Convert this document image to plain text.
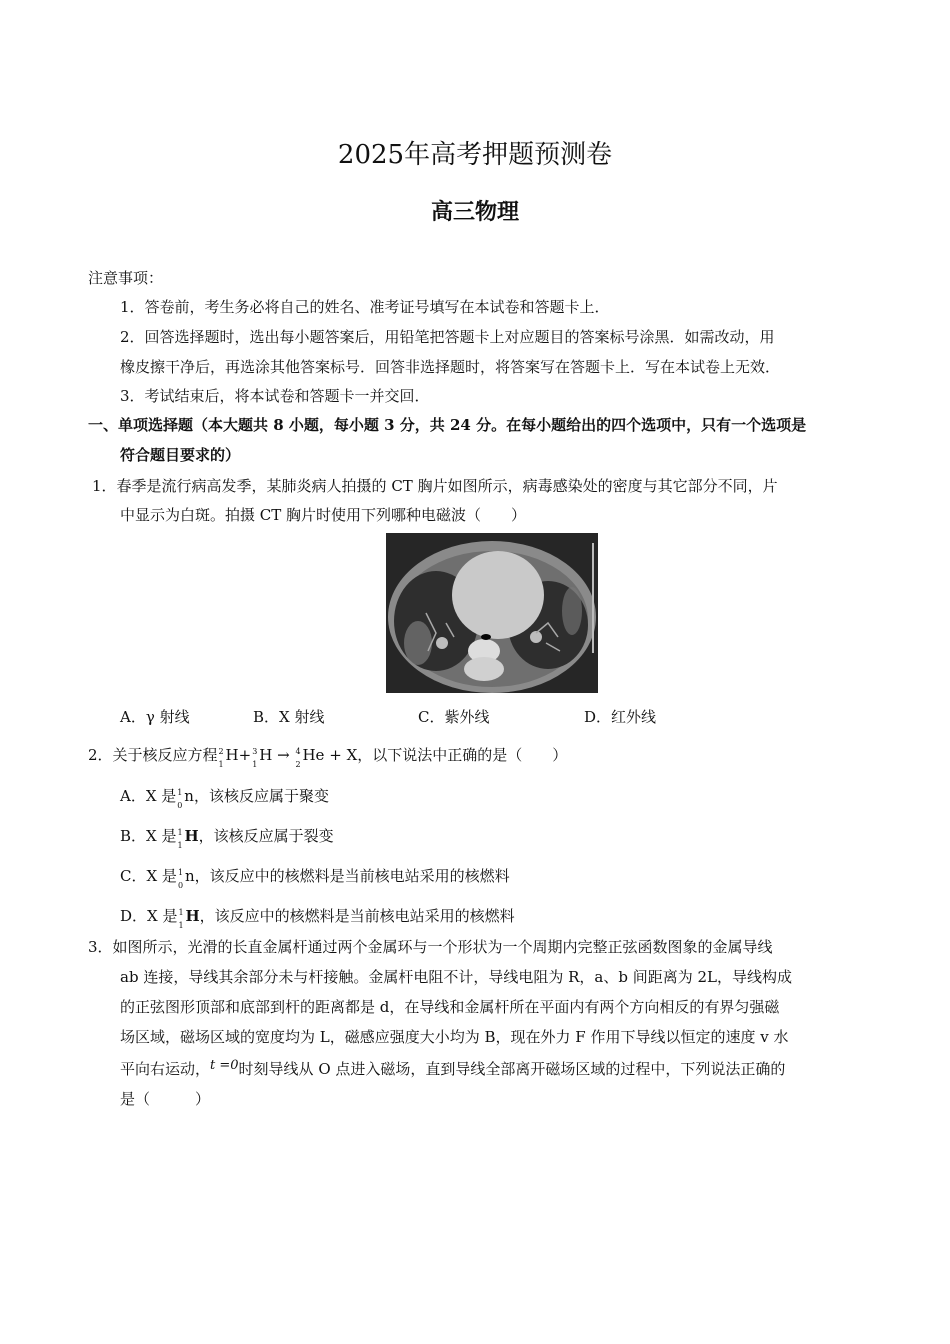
2025年高考押题预测卷
高三物理
注意事项：
1．答卷前，考生务必将自己的姓名、准考证号填写在本试卷和答题卡上．
2．回答选择题时，选出每小题答案后，用铅笔把答题卡上对应题目的答案标号涂黑．如需改动，用
橡皮擦干净后，再选涂其他答案标号．回答非选择题时，将答案写在答题卡上．写在本试卷上无效．
3．考试结束后，将本试卷和答题卡一并交回．
一、单项选择题（本大题共 8 小题，每小题 3 分，共 24 分。在每小题给出的四个选项中，只有一个选项是
符合题目要求的）
1．春季是流行病高发季，某肺炎病人拍摄的 CT 胸片如图所示，病毒感染处的密度与其它部分不同，片
中显示为白斑。拍摄 CT 胸片时使用下列哪种电磁波（　　）
A．γ 射线	B．X 射线	C．紫外线	D．红外线
2．关于核反应方程 2
1
H+ 3
1
H → 4
2
He + X，以下说法中正确的是（　　）
A．X 是 1
0
n，该核反应属于聚变
B．X 是 1
1
H，该核反应属于裂变
C．X 是 1
0
n，该反应中的核燃料是当前核电站采用的核燃料
D．X 是 1
1
H，该反应中的核燃料是当前核电站采用的核燃料
3．如图所示，光滑的长直金属杆通过两个金属环与一个形状为一个周期内完整正弦函数图象的金属导线
ab 连接，导线其余部分未与杆接触。金属杆电阻不计，导线电阻为 R，a、b 间距离为 2L，导线构成
的正弦图形顶部和底部到杆的距离都是 d，在导线和金属杆所在平面内有两个方向相反的有界匀强磁
场区域，磁场区域的宽度均为 L，磁感应强度大小均为 B，现在外力 F 作用下导线以恒定的速度 v 水
平向右运动，t =0时刻导线从 O 点进入磁场，直到导线全部离开磁场区域的过程中，下列说法正确的
是（　　　）
